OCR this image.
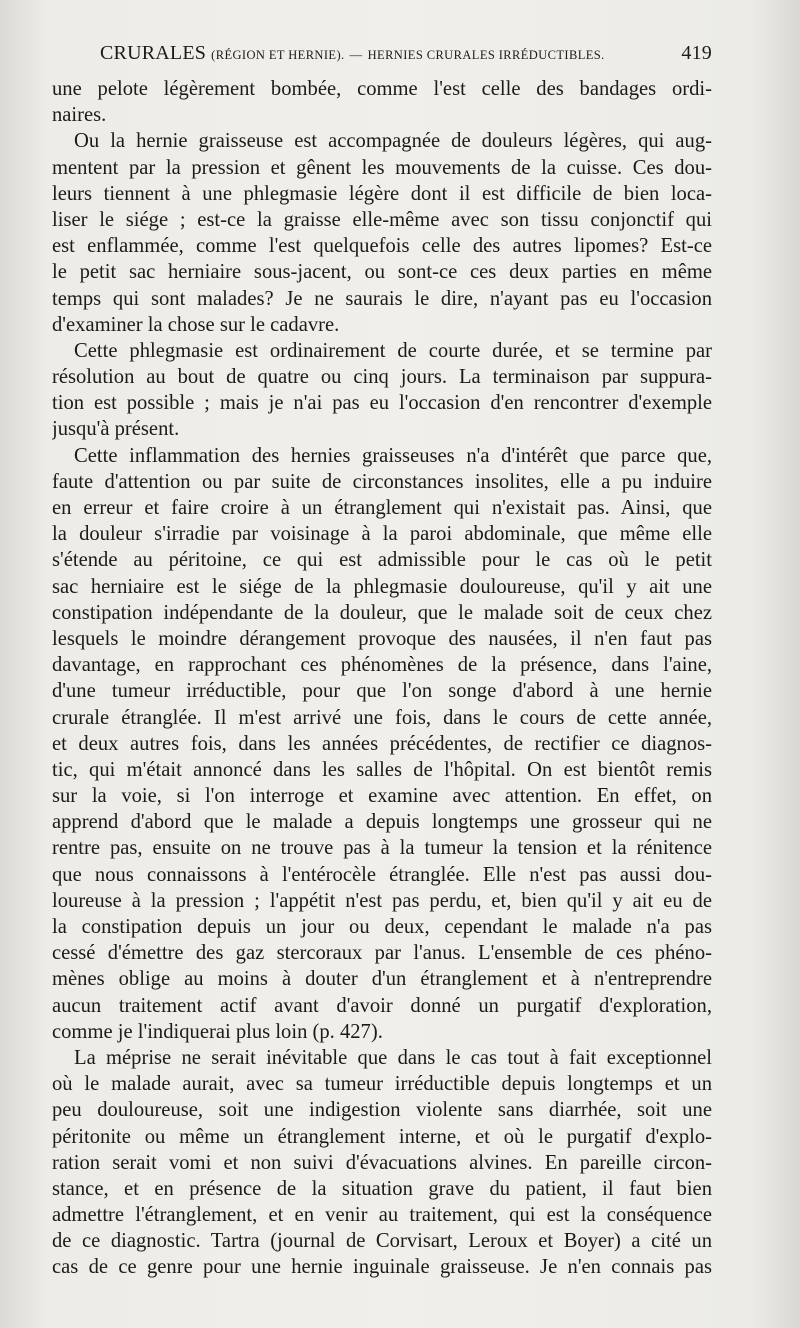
CRURALES (RÉGION ET HERNIE). — HERNIES CRURALES IRRÉDUCTIBLES.	419
une pelote légèrement bombée, comme l'est celle des bandages ordi-
naires.
Ou la hernie graisseuse est accompagnée de douleurs légères, qui aug-
mentent par la pression et gênent les mouvements de la cuisse. Ces dou-
leurs tiennent à une phlegmasie légère dont il est difficile de bien loca-
liser le siége ; est-ce la graisse elle-même avec son tissu conjonctif qui
est enflammée, comme l'est quelquefois celle des autres lipomes? Est-ce
le petit sac herniaire sous-jacent, ou sont-ce ces deux parties en même
temps qui sont malades? Je ne saurais le dire, n'ayant pas eu l'occasion
d'examiner la chose sur le cadavre.
Cette phlegmasie est ordinairement de courte durée, et se termine par
résolution au bout de quatre ou cinq jours. La terminaison par suppura-
tion est possible ; mais je n'ai pas eu l'occasion d'en rencontrer d'exemple
jusqu'à présent.
Cette inflammation des hernies graisseuses n'a d'intérêt que parce que,
faute d'attention ou par suite de circonstances insolites, elle a pu induire
en erreur et faire croire à un étranglement qui n'existait pas. Ainsi, que
la douleur s'irradie par voisinage à la paroi abdominale, que même elle
s'étende au péritoine, ce qui est admissible pour le cas où le petit
sac herniaire est le siége de la phlegmasie douloureuse, qu'il y ait une
constipation indépendante de la douleur, que le malade soit de ceux chez
lesquels le moindre dérangement provoque des nausées, il n'en faut pas
davantage, en rapprochant ces phénomènes de la présence, dans l'aine,
d'une tumeur irréductible, pour que l'on songe d'abord à une hernie
crurale étranglée. Il m'est arrivé une fois, dans le cours de cette année,
et deux autres fois, dans les années précédentes, de rectifier ce diagnos-
tic, qui m'était annoncé dans les salles de l'hôpital. On est bientôt remis
sur la voie, si l'on interroge et examine avec attention. En effet, on
apprend d'abord que le malade a depuis longtemps une grosseur qui ne
rentre pas, ensuite on ne trouve pas à la tumeur la tension et la rénitence
que nous connaissons à l'entérocèle étranglée. Elle n'est pas aussi dou-
loureuse à la pression ; l'appétit n'est pas perdu, et, bien qu'il y ait eu de
la constipation depuis un jour ou deux, cependant le malade n'a pas
cessé d'émettre des gaz stercoraux par l'anus. L'ensemble de ces phéno-
mènes oblige au moins à douter d'un étranglement et à n'entreprendre
aucun traitement actif avant d'avoir donné un purgatif d'exploration,
comme je l'indiquerai plus loin (p. 427).
La méprise ne serait inévitable que dans le cas tout à fait exceptionnel
où le malade aurait, avec sa tumeur irréductible depuis longtemps et un
peu douloureuse, soit une indigestion violente sans diarrhée, soit une
péritonite ou même un étranglement interne, et où le purgatif d'explo-
ration serait vomi et non suivi d'évacuations alvines. En pareille circon-
stance, et en présence de la situation grave du patient, il faut bien
admettre l'étranglement, et en venir au traitement, qui est la conséquence
de ce diagnostic. Tartra (journal de Corvisart, Leroux et Boyer) a cité un
cas de ce genre pour une hernie inguinale graisseuse. Je n'en connais pas
